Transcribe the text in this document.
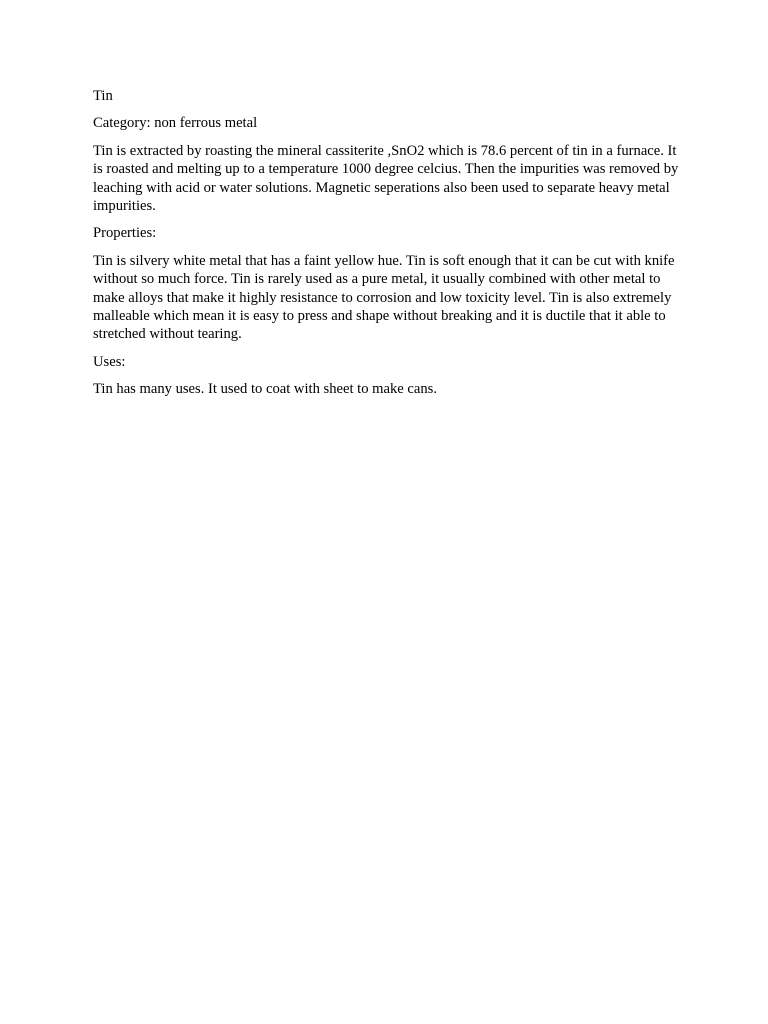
Tin

Category: non ferrous metal

Tin is extracted by roasting the mineral cassiterite ,SnO2 which is 78.6 percent of tin in a furnace. It is roasted and melting up to a temperature 1000 degree celcius. Then the impurities was removed by leaching with acid or water solutions. Magnetic seperations also been used to separate heavy metal impurities.

Properties:

Tin is silvery white metal that has a faint yellow hue. Tin is soft enough that it can be cut with knife without so much force. Tin is rarely used as a pure metal, it usually combined with other metal to make alloys that make it highly resistance to corrosion and low toxicity level. Tin is also extremely malleable which mean it is easy to press and shape without breaking and it is ductile that it able to stretched without tearing.

Uses:

Tin has many uses. It used to coat with sheet to make cans.
